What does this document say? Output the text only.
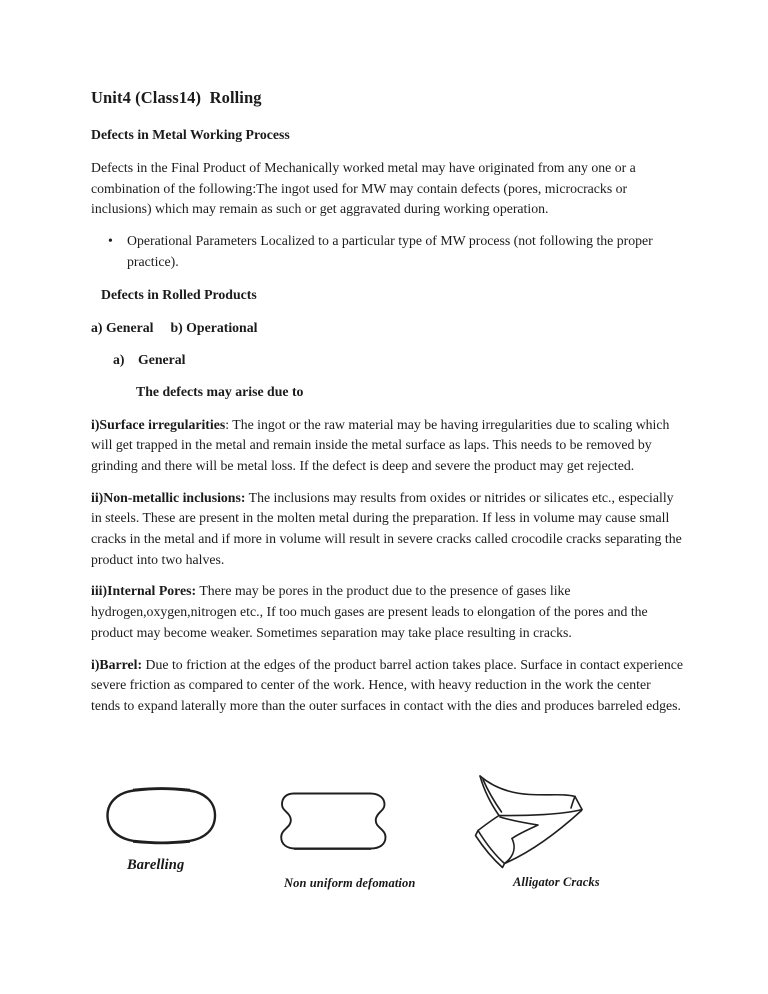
Unit4 (Class14)  Rolling
Defects in Metal Working Process

Defects in the Final Product of Mechanically worked metal may have originated from any one or a combination of the following:The ingot used for MW may contain defects (pores, microcracks or inclusions) which may remain as such or get aggravated during working operation.

•	Operational Parameters Localized to a particular type of MW process (not following the proper practice).
Defects in Rolled Products
a) General b) Operational
a) General
The defects may arise due to

i)Surface irregularities: The ingot or the raw material may be having irregularities due to scaling which will get trapped in the metal and remain inside the metal surface as laps. This needs to be removed by grinding and there will be metal loss. If the defect is deep and severe the product may get rejected.

ii)Non-metallic inclusions: The inclusions may results from oxides or nitrides or silicates etc., especially in steels. These are present in the molten metal during the preparation. If less in volume may cause small cracks in the metal and if more in volume will result in severe cracks called crocodile cracks separating the product into two halves.

iii)Internal Pores: There may be pores in the product due to the presence of gases like hydrogen,oxygen,nitrogen etc., If too much gases are present leads to elongation of the pores and the product may become weaker. Sometimes separation may take place resulting in cracks.

i)Barrel: Due to friction at the edges of the product barrel action takes place. Surface in contact experience severe friction as compared to center of the work. Hence, with heavy reduction in the work the center tends to expand laterally more than the outer surfaces in contact with the dies and produces barreled edges.

Barelling
Non uniform defomation	Alligator Cracks
